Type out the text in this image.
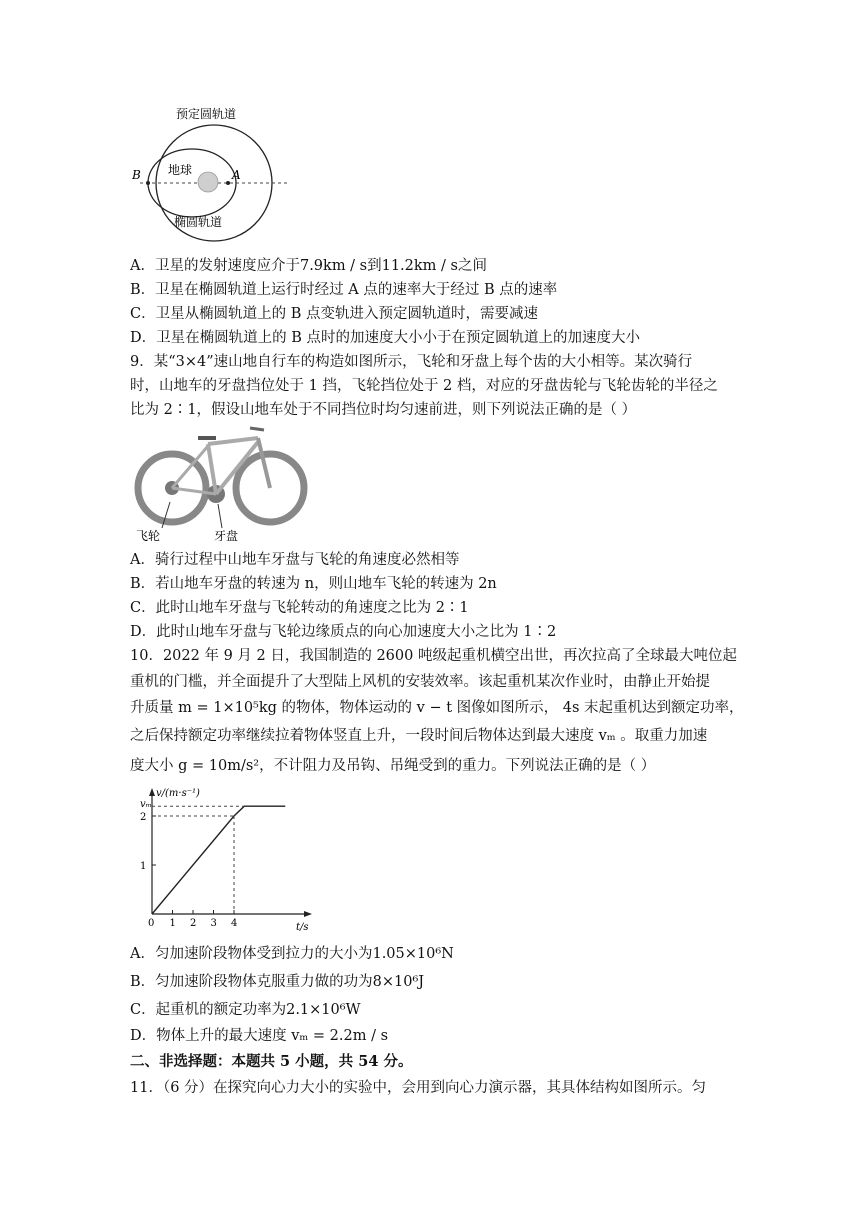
预定圆轨道
地球
椭圆轨道
B	A
A．卫星的发射速度应介于7.9km / s到11.2km / s之间
B．卫星在椭圆轨道上运行时经过 A 点的速率大于经过 B 点的速率
C．卫星从椭圆轨道上的 B 点变轨进入预定圆轨道时，需要减速
D．卫星在椭圆轨道上的 B 点时的加速度大小小于在预定圆轨道上的加速度大小
9．某“3×4”速山地自行车的构造如图所示，飞轮和牙盘上每个齿的大小相等。某次骑行
时，山地车的牙盘挡位处于 1 挡，飞轮挡位处于 2 档，对应的牙盘齿轮与飞轮齿轮的半径之
比为 2∶1，假设山地车处于不同挡位时均匀速前进，则下列说法正确的是（ ）
飞轮	牙盘
A．骑行过程中山地车牙盘与飞轮的角速度必然相等
B．若山地车牙盘的转速为 n，则山地车飞轮的转速为 2n
C．此时山地车牙盘与飞轮转动的角速度之比为 2∶1
D．此时山地车牙盘与飞轮边缘质点的向心加速度大小之比为 1∶2
10．2022 年 9 月 2 日，我国制造的 2600 吨级起重机横空出世，再次拉高了全球最大吨位起
重机的门槛，并全面提升了大型陆上风机的安装效率。该起重机某次作业时，由静止开始提
升质量 m = 1×10⁵kg 的物体，物体运动的 v − t 图像如图所示， 4s 末起重机达到额定功率，
之后保持额定功率继续拉着物体竖直上升，一段时间后物体达到最大速度 vₘ 。取重力加速
度大小 g = 10m/s²，不计阻力及吊钩、吊绳受到的重力。下列说法正确的是（ ）
v/(m·s⁻¹)
t/s
0 1 2 3 4
1
2
vₘ
A．匀加速阶段物体受到拉力的大小为1.05×10⁶N
B．匀加速阶段物体克服重力做的功为8×10⁶J
C．起重机的额定功率为2.1×10⁶W
D．物体上升的最大速度 vₘ = 2.2m / s
二、非选择题：本题共 5 小题，共 54 分。
11．（6 分）在探究向心力大小的实验中，会用到向心力演示器，其具体结构如图所示。匀
